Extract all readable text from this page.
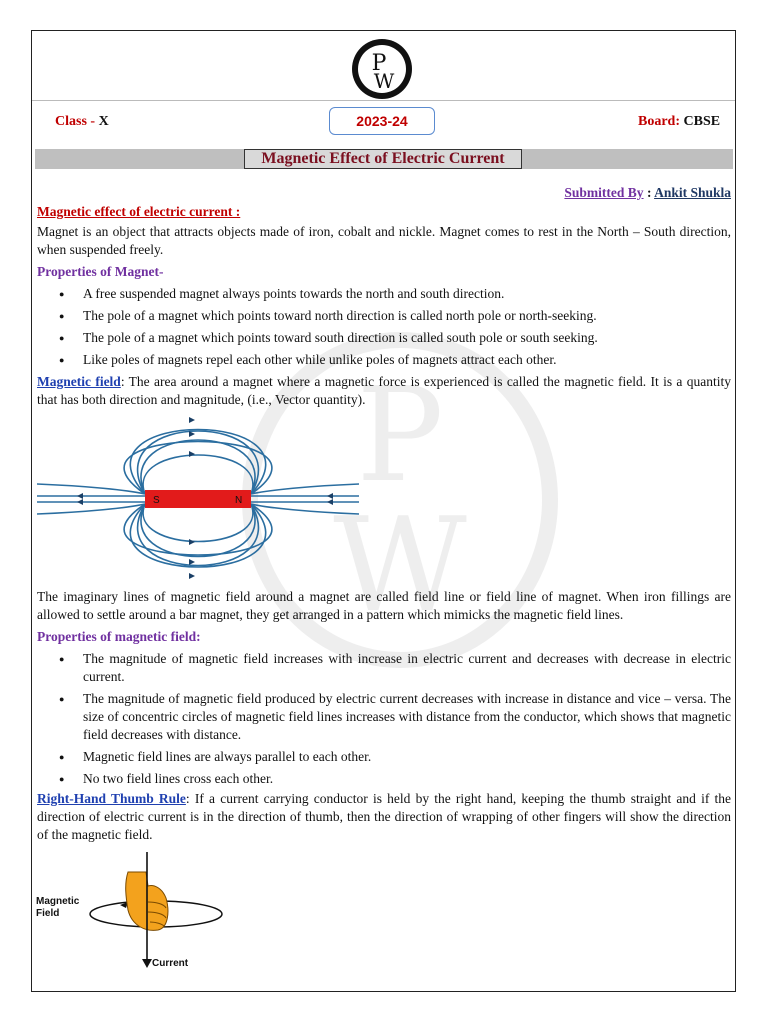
P
W
P
W
Class - X	2023-24	Board: CBSE
Magnetic Effect of Electric Current
Submitted By : Ankit Shukla
Magnetic effect of electric current :
Magnet is an object that attracts objects made of iron, cobalt and nickle. Magnet comes to rest in the North – South direction, when suspended freely.
Properties of Magnet-
● A free suspended magnet always points towards the north and south direction.
● The pole of a magnet which points toward north direction is called north pole or north-seeking.
● The pole of a magnet which points toward south direction is called south pole or south seeking.
● Like poles of magnets repel each other while unlike poles of magnets attract each other.
Magnetic field: The area around a magnet where a magnetic force is experienced is called the magnetic field. It is a quantity that has both direction and magnitude, (i.e., Vector quantity).
S	N
The imaginary lines of magnetic field around a magnet are called field line or field line of magnet. When iron fillings are allowed to settle around a bar magnet, they get arranged in a pattern which mimicks the magnetic field lines.
Properties of magnetic field:
● The magnitude of magnetic field increases with increase in electric current and decreases with decrease in electric current.
● The magnitude of magnetic field produced by electric current decreases with increase in distance and vice – versa. The size of concentric circles of magnetic field lines increases with distance from the conductor, which shows that magnetic field decreases with distance.
● Magnetic field lines are always parallel to each other.
● No two field lines cross each other.
Right-Hand Thumb Rule: If a current carrying conductor is held by the right hand, keeping the thumb straight and if the direction of electric current is in the direction of thumb, then the direction of wrapping of other fingers will show the direction of the magnetic field.
Magnetic
Field
Current
